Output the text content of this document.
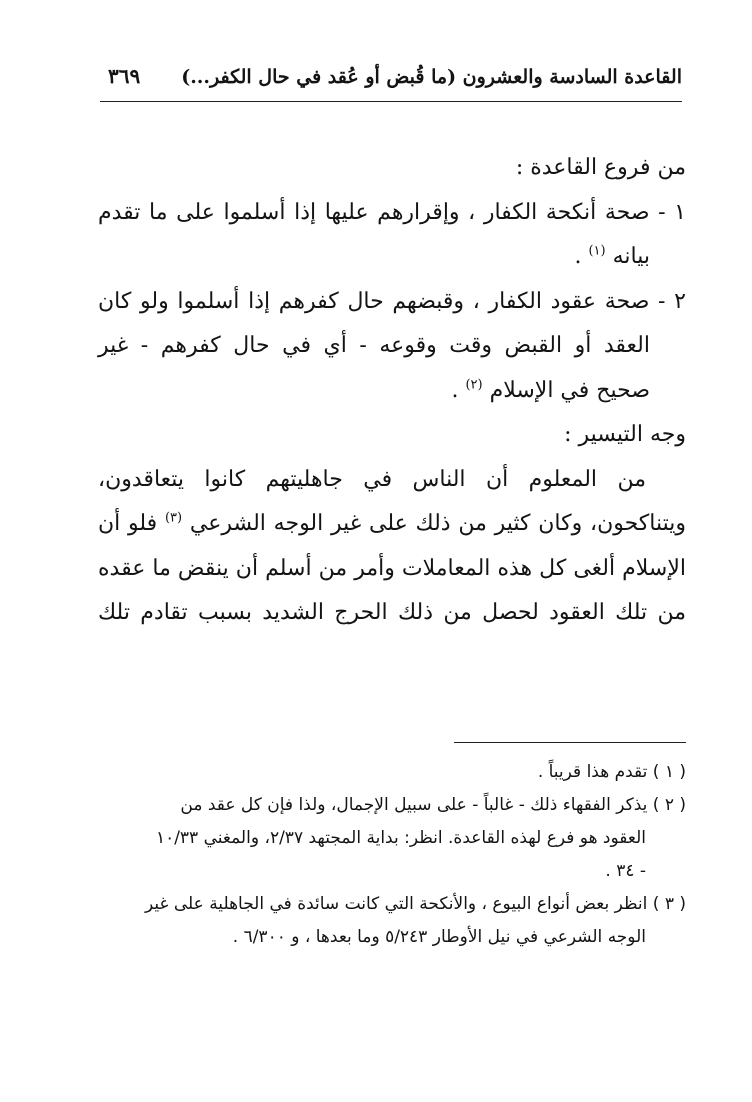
القاعدة السادسة والعشرون (ما قُبض أو عُقد في حال الكفر...)
٣٦٩
من فروع القاعدة :
١ - صحة أنكحة الكفار ، وإقرارهم عليها إذا أسلموا على ما تقدم
بيانه $^{(١)}$ .
٢ - صحة عقود الكفار ، وقبضهم حال كفرهم إذا أسلموا ولو كان
العقد أو القبض وقت وقوعه - أي في حال كفرهم - غير
صحيح في الإسلام $^{(٢)}$ .
وجه التيسير :
من المعلوم أن الناس في جاهليتهم كانوا يتعاقدون،
ويتناكحون، وكان كثير من ذلك على غير الوجه الشرعي $^{(٣)}$ فلو أن
الإسلام ألغى كل هذه المعاملات وأمر من أسلم أن ينقض ما عقده
من تلك العقود لحصل من ذلك الحرج الشديد بسبب تقادم تلك
( ١ ) تقدم هذا قريباً .
( ٢ ) يذكر الفقهاء ذلك - غالباً - على سبيل الإجمال، ولذا فإن كل عقد من
العقود هو فرع لهذه القاعدة. انظر: بداية المجتهد ٢/٣٧، والمغني ١٠/٣٣
- ٣٤ .
( ٣ ) انظر بعض أنواع البيوع ، والأنكحة التي كانت سائدة في الجاهلية على غير
الوجه الشرعي في نيل الأوطار ٥/٢٤٣ وما بعدها ، و ٦/٣٠٠ .
